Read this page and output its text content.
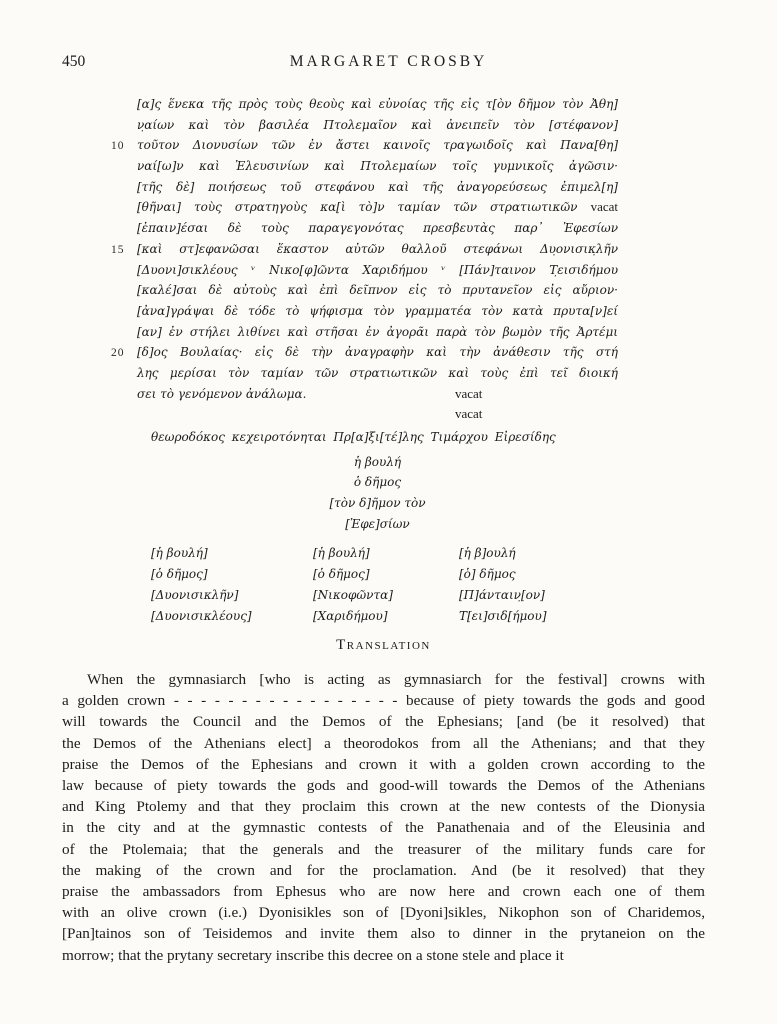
450	MARGARET CROSBY
[α]ς ἕνεκα τῆς πρὸς τοὺς θεοὺς καὶ εὐνοίας τῆς εἰς τ[ὸν δῆμον τὸν Ἀθη]
ν̣αίων καὶ τὸν βασιλέα Πτολεμαῖον καὶ ἀνειπεῖν τὸν [στέφανον]
10 τοῦτον Διονυσίων τῶν ἐν ἄστει καινοῖς τραγωιδοῖς καὶ Πανα[θη]
ναί[ω]ν καὶ Ἐλευσινίων καὶ Πτολεμαίων τοῖς γυμνικοῖς ἀγῶσιν·
[τῆς δὲ] ποιήσεως τοῦ στεφάνου καὶ τῆς ἀναγορεύσεως ἐπιμελ[η]
[θῆναι] τοὺς στρατηγοὺς κα[ὶ τὸ]ν ταμίαν τῶν στρατιωτικῶν vacat
[ἐπαιν]έσαι δὲ τοὺς παραγεγονότας πρεσβευτὰς παρ᾽ Ἐφεσίων
15 [καὶ στ]εφανῶσαι ἕκαστον αὐτῶν θαλλοῦ στεφάνωι Δυ̣ονισικ̣λῆν
[Δυονι]σικλέους ᵛ Νικο[φ]ῶντα Χαριδήμου ᵛ [Πάν]ταινον Τ̣εισιδήμου
[καλέ]σαι δὲ αὐτοὺς καὶ ἐπὶ δεῖπνον εἰς τὸ πρυτανεῖον εἰς αὔριον·
[ἀνα]γράψαι δὲ τόδε τὸ ψήφισμα τὸν γραμματέα τὸν κατὰ πρυτα[ν]εί
[αν] ἐν στήλει λιθίνει καὶ στῆσαι ἐν ἀγορᾶι παρὰ τὸν βωμὸν τῆς Ἀρτέμι
20 [δ]ος Βουλαίας· εἰς δὲ τὴν ἀναγραφὴν καὶ τὴν ἀνάθεσιν τῆς στή
λης μερίσαι τὸν ταμίαν τῶν στρατιωτικῶν καὶ τοὺς ἐπὶ τεῖ διοική
σει τὸ γενόμενον ἀνάλωμα.	vacat
vacat
θεωροδόκος κεχειροτόνηται Πρ[α]ξι[τέ]λης Τιμάρχου Εἰρεσίδης
ἡ βουλή
ὁ δῆμος
[τὸν δ]ῆμον τὸν
[Ἐφε]σίων
[ἡ βουλή]
[ὁ δῆμος]
[Δυονισικλῆν]
[Δυονισικλέους]
[ἡ βουλή]
[ὁ δῆμος]
[Νικοφῶντα]
[Χαριδήμου]
[ἡ β]ουλή
[ὁ] δῆμος
[Π]άνταιν̣[ον]
Τ[ει]σιδ[ήμου]
Translation
When the gymnasiarch [who is acting as gymnasiarch for the festival] crowns with
a golden crown - - - - - - - - - - - - - - - - - because of piety towards the gods and good
will towards the Council and the Demos of the Ephesians; [and (be it resolved) that
the Demos of the Athenians elect] a theorodokos from all the Athenians; and that they
praise the Demos of the Ephesians and crown it with a golden crown according to the
law because of piety towards the gods and good-will towards the Demos of the Athenians
and King Ptolemy and that they proclaim this crown at the new contests of the Dionysia
in the city and at the gymnastic contests of the Panathenaia and of the Eleusinia and
of the Ptolemaia; that the generals and the treasurer of the military funds care for
the making of the crown and for the proclamation. And (be it resolved) that they
praise the ambassadors from Ephesus who are now here and crown each one of them
with an olive crown (i.e.) Dyonisikles son of [Dyoni]sikles, Nikophon son of Charidemos,
[Pan]tainos son of Teisidemos and invite them also to dinner in the prytaneion on the
morrow; that the prytany secretary inscribe this decree on a stone stele and place it
